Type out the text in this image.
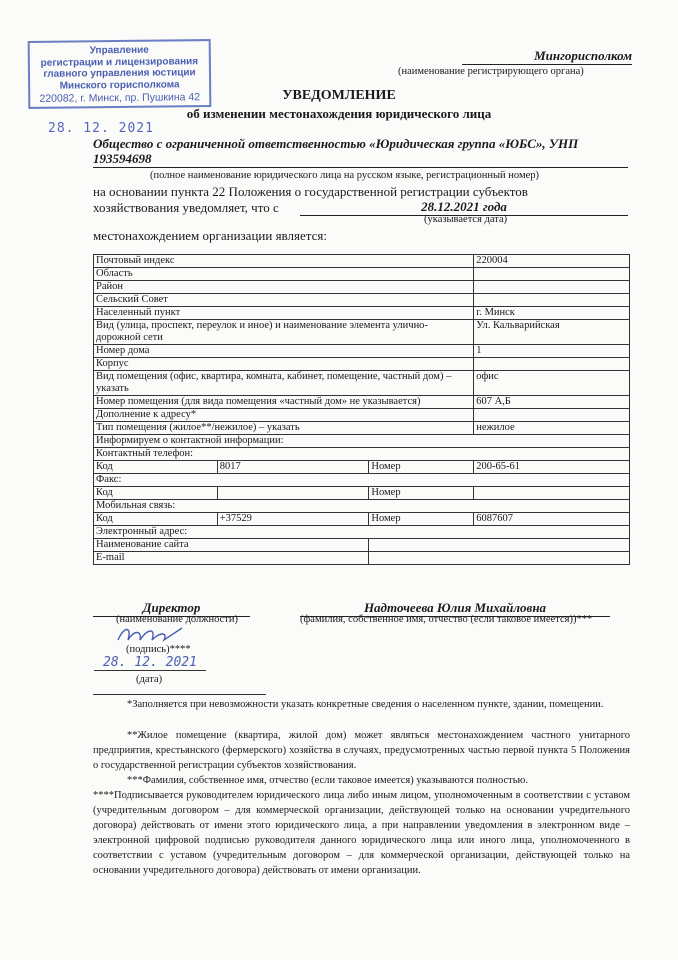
Управление
регистрации и лицензирования
главного управления юстиции
Минского горисполкома
220082, г. Минск, пр. Пушкина 42
28. 12. 2021
Мингорисполком
(наименование регистрирующего органа)
УВЕДОМЛЕНИЕ
об изменении местонахождения юридического лица
Общество с ограниченной ответственностью «Юридическая группа «ЮБС», УНП
193594698
(полное наименование юридического лица на русском языке, регистрационный номер)
на основании пункта 22 Положения о государственной регистрации субъектов
хозяйствования уведомляет, что с	28.12.2021 года
(указывается дата)
местонахождением организации является:
Почтовый индекс			220004
Область			
Район			
Сельский Совет			
Населенный пункт			г. Минск
Вид (улица, проспект, переулок и иное) и наименование элемента улично-дорожной сети			Ул. Кальварийская
Номер дома			1
Корпус			
Вид помещения (офис, квартира, комната, кабинет, помещение, частный дом) – указать			офис
Номер помещения (для вида помещения «частный дом» не указывается)			607 А,Б
Дополнение к адресу*			
Тип помещения (жилое**/нежилое) – указать			нежилое
Информируем о контактной информации:			
Контактный телефон:			
Код	8017	Номер	200-65-61
Факс:			
Код		Номер	
Мобильная связь:			
Код	+37529	Номер	6087607
Электронный адрес:			
Наименование сайта			
E-mail			
Директор
(наименование должности)
Надточеева Юлия Михайловна
(фамилия, собственное имя, отчество (если таковое имеется))***
(подпись)****
28. 12. 2021
(дата)
*Заполняется при невозможности указать конкретные сведения о населенном пункте, здании, помещении.
**Жилое помещение (квартира, жилой дом) может являться местонахождением частного унитарного предприятия, крестьянского (фермерского) хозяйства в случаях, предусмотренных частью первой пункта 5 Положения о государственной регистрации субъектов хозяйствования.
***Фамилия, собственное имя, отчество (если таковое имеется) указываются полностью.
****Подписывается руководителем юридического лица либо иным лицом, уполномоченным в соответствии с уставом (учредительным договором – для коммерческой организации, действующей только на основании учредительного договора) действовать от имени этого юридического лица, а при направлении уведомления в электронном виде – электронной цифровой подписью руководителя данного юридического лица или иного лица, уполномоченного в соответствии с уставом (учредительным договором – для коммерческой организации, действующей только на основании учредительного договора) действовать от имени организации.
